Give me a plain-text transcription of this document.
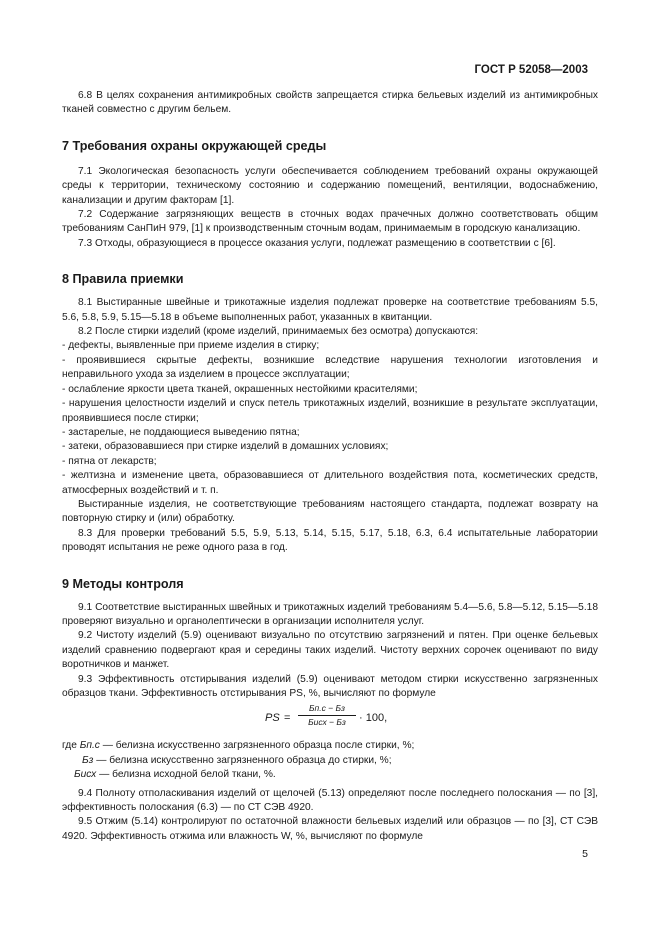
ГОСТ Р 52058—2003

6.8 В целях сохранения антимикробных свойств запрещается стирка бельевых изделий из антимикробных тканей совместно с другим бельем.

7 Требования охраны окружающей среды

7.1 Экологическая безопасность услуги обеспечивается соблюдением требований охраны окружающей среды к территории, техническому состоянию и содержанию помещений, вентиляции, водоснабжению, канализации и другим факторам [1].

7.2 Содержание загрязняющих веществ в сточных водах прачечных должно соответствовать общим требованиям СанПиН 979, [1] к производственным сточным водам, принимаемым в городскую канализацию.

7.3 Отходы, образующиеся в процессе оказания услуги, подлежат размещению в соответствии с [6].

8 Правила приемки

8.1 Выстиранные швейные и трикотажные изделия подлежат проверке на соответствие требованиям 5.5, 5.6, 5.8, 5.9, 5.15—5.18 в объеме выполненных работ, указанных в квитанции.

8.2 После стирки изделий (кроме изделий, принимаемых без осмотра) допускаются:

- дефекты, выявленные при приеме изделия в стирку;

- проявившиеся скрытые дефекты, возникшие вследствие нарушения технологии изготовления и неправильного ухода за изделием в процессе эксплуатации;

- ослабление яркости цвета тканей, окрашенных нестойкими красителями;

- нарушения целостности изделий и спуск петель трикотажных изделий, возникшие в результате эксплуатации, проявившиеся после стирки;

- застарелые, не поддающиеся выведению пятна;

- затеки, образовавшиеся при стирке изделий в домашних условиях;

- пятна от лекарств;

- желтизна и изменение цвета, образовавшиеся от длительного воздействия пота, косметических средств, атмосферных воздействий и т. п.

Выстиранные изделия, не соответствующие требованиям настоящего стандарта, подлежат возврату на повторную стирку и (или) обработку.

8.3 Для проверки требований 5.5, 5.9, 5.13, 5.14, 5.15, 5.17, 5.18, 6.3, 6.4 испытательные лаборатории проводят испытания не реже одного раза в год.

9 Методы контроля

9.1 Соответствие выстиранных швейных и трикотажных изделий требованиям 5.4—5.6, 5.8—5.12, 5.15—5.18 проверяют визуально и органолептически в организации исполнителя услуг.

9.2 Чистоту изделий (5.9) оценивают визуально по отсутствию загрязнений и пятен. При оценке бельевых изделий сравнению подвергают края и середины таких изделий. Чистоту верхних сорочек оценивают по виду воротничков и манжет.

9.3 Эффективность отстирывания изделий (5.9) оценивают методом стирки искусственно загрязненных образцов ткани. Эффективность отстирывания PS, %, вычисляют по формуле

PS =
Бп.с − Бз
Бисх − Бз	· 100,

где Бп.с — белизна искусственно загрязненного образца после стирки, %;

Бз — белизна искусственно загрязненного образца до стирки, %;

Бисх — белизна исходной белой ткани, %.

9.4 Полноту отполаскивания изделий от щелочей (5.13) определяют после последнего полоскания — по [3], эффективность полоскания (6.3) — по СТ СЭВ 4920.

9.5 Отжим (5.14) контролируют по остаточной влажности бельевых изделий или образцов — по [3], СТ СЭВ 4920. Эффективность отжима или влажность W, %, вычисляют по формуле

5
